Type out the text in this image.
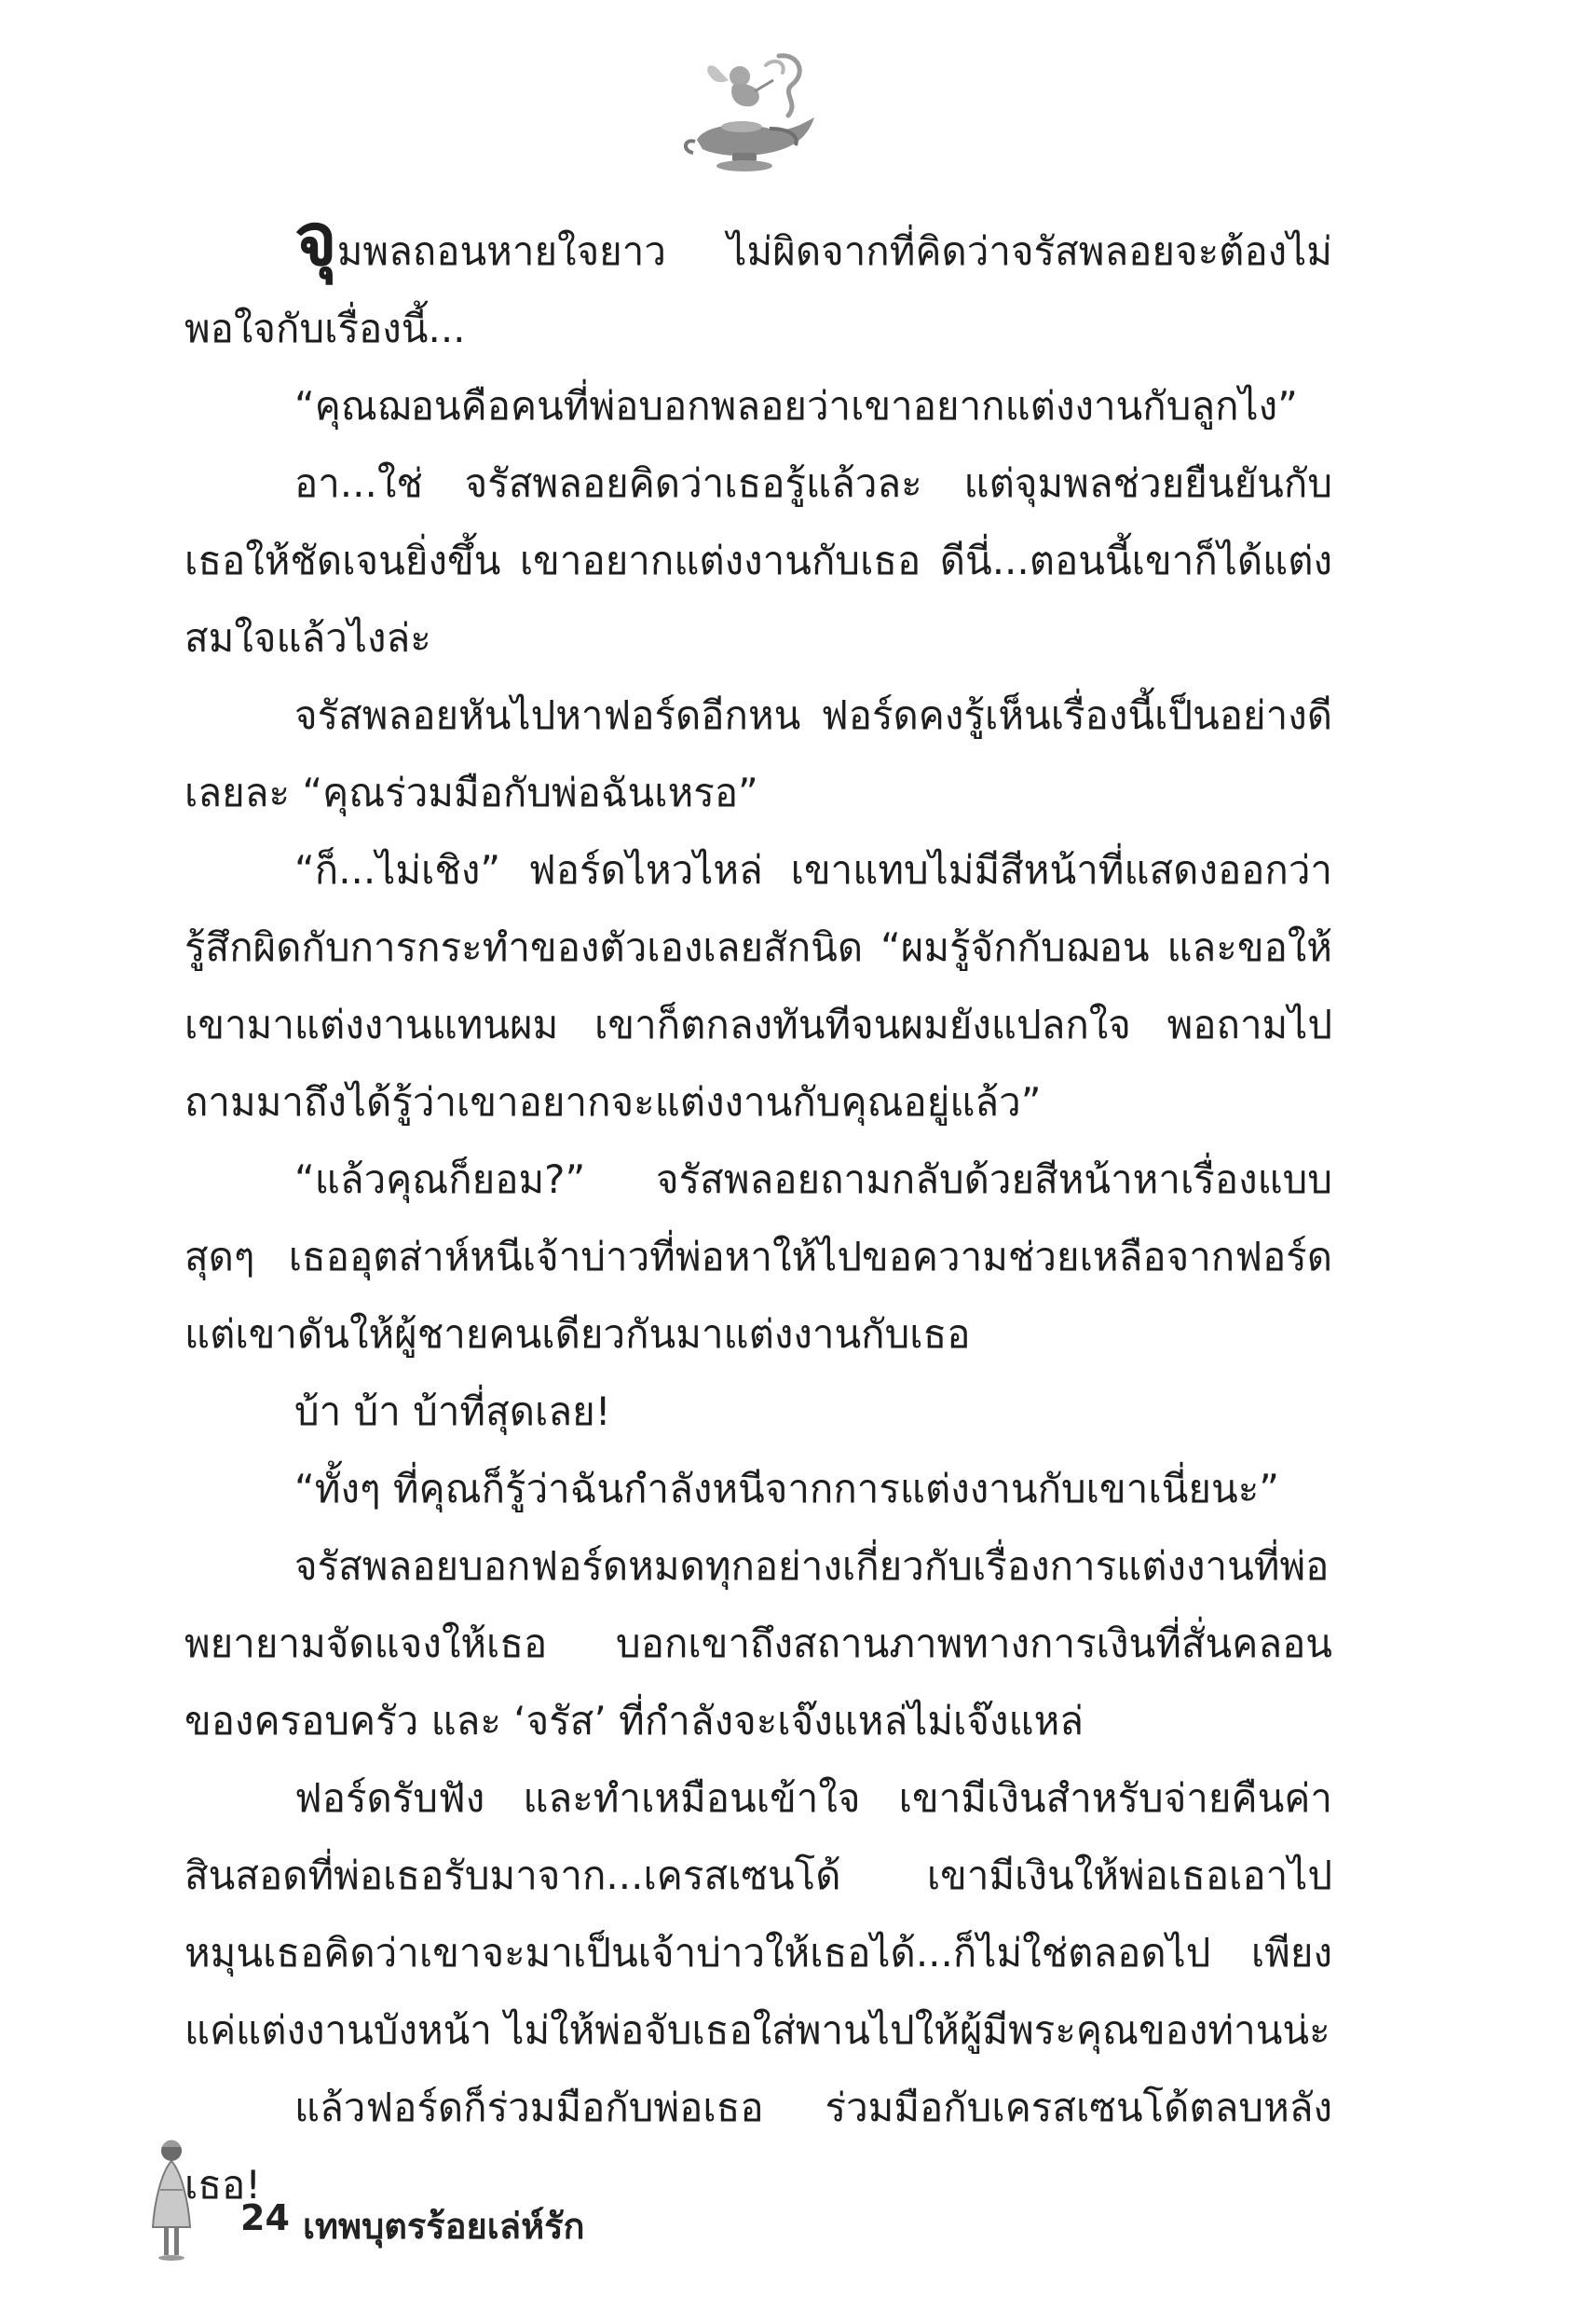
จุมพลถอนหายใจยาว ไม่ผิดจากที่คิดว่าจรัสพลอยจะต้องไม่พอใจกับเรื่องนี้...

“คุณฌอนคือคนที่พ่อบอกพลอยว่าเขาอยากแต่งงานกับลูกไง”

อา...ใช่ จรัสพลอยคิดว่าเธอรู้แล้วละ แต่จุมพลช่วยยืนยันกับเธอให้ชัดเจนยิ่งขึ้น เขาอยากแต่งงานกับเธอ ดีนี่...ตอนนี้เขาก็ได้แต่งสมใจแล้วไงล่ะ

จรัสพลอยหันไปหาฟอร์ดอีกหน ฟอร์ดคงรู้เห็นเรื่องนี้เป็นอย่างดีเลยละ “คุณร่วมมือกับพ่อฉันเหรอ”

“ก็...ไม่เชิง” ฟอร์ดไหวไหล่ เขาแทบไม่มีสีหน้าที่แสดงออกว่ารู้สึกผิดกับการกระทำของตัวเองเลยสักนิด “ผมรู้จักกับฌอน และขอให้เขามาแต่งงานแทนผม เขาก็ตกลงทันทีจนผมยังแปลกใจ พอถามไปถามมาถึงได้รู้ว่าเขาอยากจะแต่งงานกับคุณอยู่แล้ว”

“แล้วคุณก็ยอม?” จรัสพลอยถามกลับด้วยสีหน้าหาเรื่องแบบสุดๆ เธออุตส่าห์หนีเจ้าบ่าวที่พ่อหาให้ไปขอความช่วยเหลือจากฟอร์ด แต่เขาดันให้ผู้ชายคนเดียวกันมาแต่งงานกับเธอ

บ้า บ้า บ้าที่สุดเลย!

“ทั้งๆ ที่คุณก็รู้ว่าฉันกำลังหนีจากการแต่งงานกับเขาเนี่ยนะ”

จรัสพลอยบอกฟอร์ดหมดทุกอย่างเกี่ยวกับเรื่องการแต่งงานที่พ่อพยายามจัดแจงให้เธอ บอกเขาถึงสถานภาพทางการเงินที่สั่นคลอนของครอบครัว และ ‘จรัส’ ที่กำลังจะเจ๊งแหล่ไม่เจ๊งแหล่

ฟอร์ดรับฟัง และทำเหมือนเข้าใจ เขามีเงินสำหรับจ่ายคืนค่าสินสอดที่พ่อเธอรับมาจาก...เครสเซนโด้ เขามีเงินให้พ่อเธอเอาไปหมุนเธอคิดว่าเขาจะมาเป็นเจ้าบ่าวให้เธอได้...ก็ไม่ใช่ตลอดไป เพียงแค่แต่งงานบังหน้า ไม่ให้พ่อจับเธอใส่พานไปให้ผู้มีพระคุณของท่านน่ะ

แล้วฟอร์ดก็ร่วมมือกับพ่อเธอ ร่วมมือกับเครสเซนโด้ตลบหลังเธอ!

24 เทพบุตรร้อยเล่ห์รัก
